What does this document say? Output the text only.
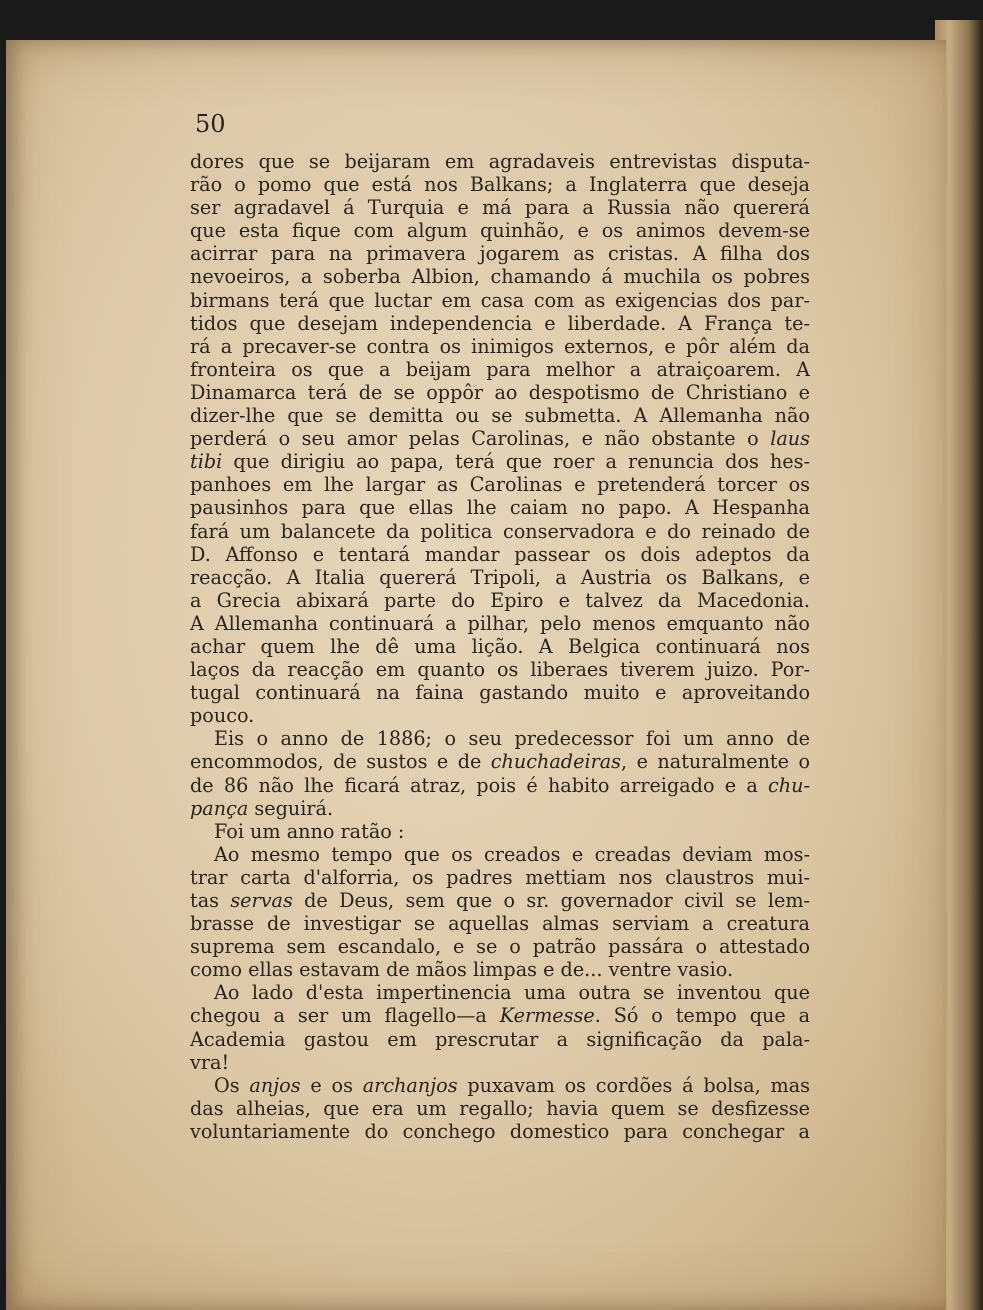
50
dores que se beijaram em agradaveis entrevistas disputa-
rão o pomo que está nos Balkans; a Inglaterra que deseja
ser agradavel á Turquia e má para a Russia não quererá
que esta fique com algum quinhão, e os animos devem-se
acirrar para na primavera jogarem as cristas. A filha dos
nevoeiros, a soberba Albion, chamando á muchila os pobres
birmans terá que luctar em casa com as exigencias dos par-
tidos que desejam independencia e liberdade. A França te-
rá a precaver-se contra os inimigos externos, e pôr além da
fronteira os que a beijam para melhor a atraiçoarem. A
Dinamarca terá de se oppôr ao despotismo de Christiano e
dizer-lhe que se demitta ou se submetta. A Allemanha não
perderá o seu amor pelas Carolinas, e não obstante o laus
tibi que dirigiu ao papa, terá que roer a renuncia dos hes-
panhoes em lhe largar as Carolinas e pretenderá torcer os
pausinhos para que ellas lhe caiam no papo. A Hespanha
fará um balancete da politica conservadora e do reinado de
D. Affonso e tentará mandar passear os dois adeptos da
reacção. A Italia quererá Tripoli, a Austria os Balkans, e
a Grecia abixará parte do Epiro e talvez da Macedonia.
A Allemanha continuará a pilhar, pelo menos emquanto não
achar quem lhe dê uma lição. A Belgica continuará nos
laços da reacção em quanto os liberaes tiverem juizo. Por-
tugal continuará na faina gastando muito e aproveitando
pouco.
Eis o anno de 1886; o seu predecessor foi um anno de
encommodos, de sustos e de chuchadeiras, e naturalmente o
de 86 não lhe ficará atraz, pois é habito arreigado e a chu-
pança seguirá.
Foi um anno ratão :
Ao mesmo tempo que os creados e creadas deviam mos-
trar carta d'alforria, os padres mettiam nos claustros mui-
tas servas de Deus, sem que o sr. governador civil se lem-
brasse de investigar se aquellas almas serviam a creatura
suprema sem escandalo, e se o patrão passára o attestado
como ellas estavam de mãos limpas e de... ventre vasio.
Ao lado d'esta impertinencia uma outra se inventou que
chegou a ser um flagello—a Kermesse. Só o tempo que a
Academia gastou em prescrutar a significação da pala-
vra!
Os anjos e os archanjos puxavam os cordões á bolsa, mas
das alheias, que era um regallo; havia quem se desfizesse
voluntariamente do conchego domestico para conchegar a
